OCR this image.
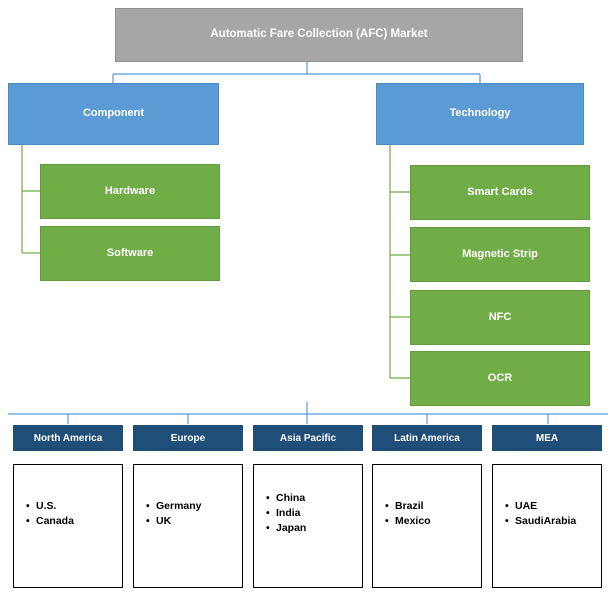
Automatic Fare Collection (AFC) Market
Component
Hardware
Software
Technology
Smart Cards
Magnetic Strip
NFC
OCR
North America	Europe	Asia Pacific	Latin America	MEA
• U.S.
• Canada
• Germany
• UK
• China
• India
• Japan
• Brazil
• Mexico
• UAE
• SaudiArabia
